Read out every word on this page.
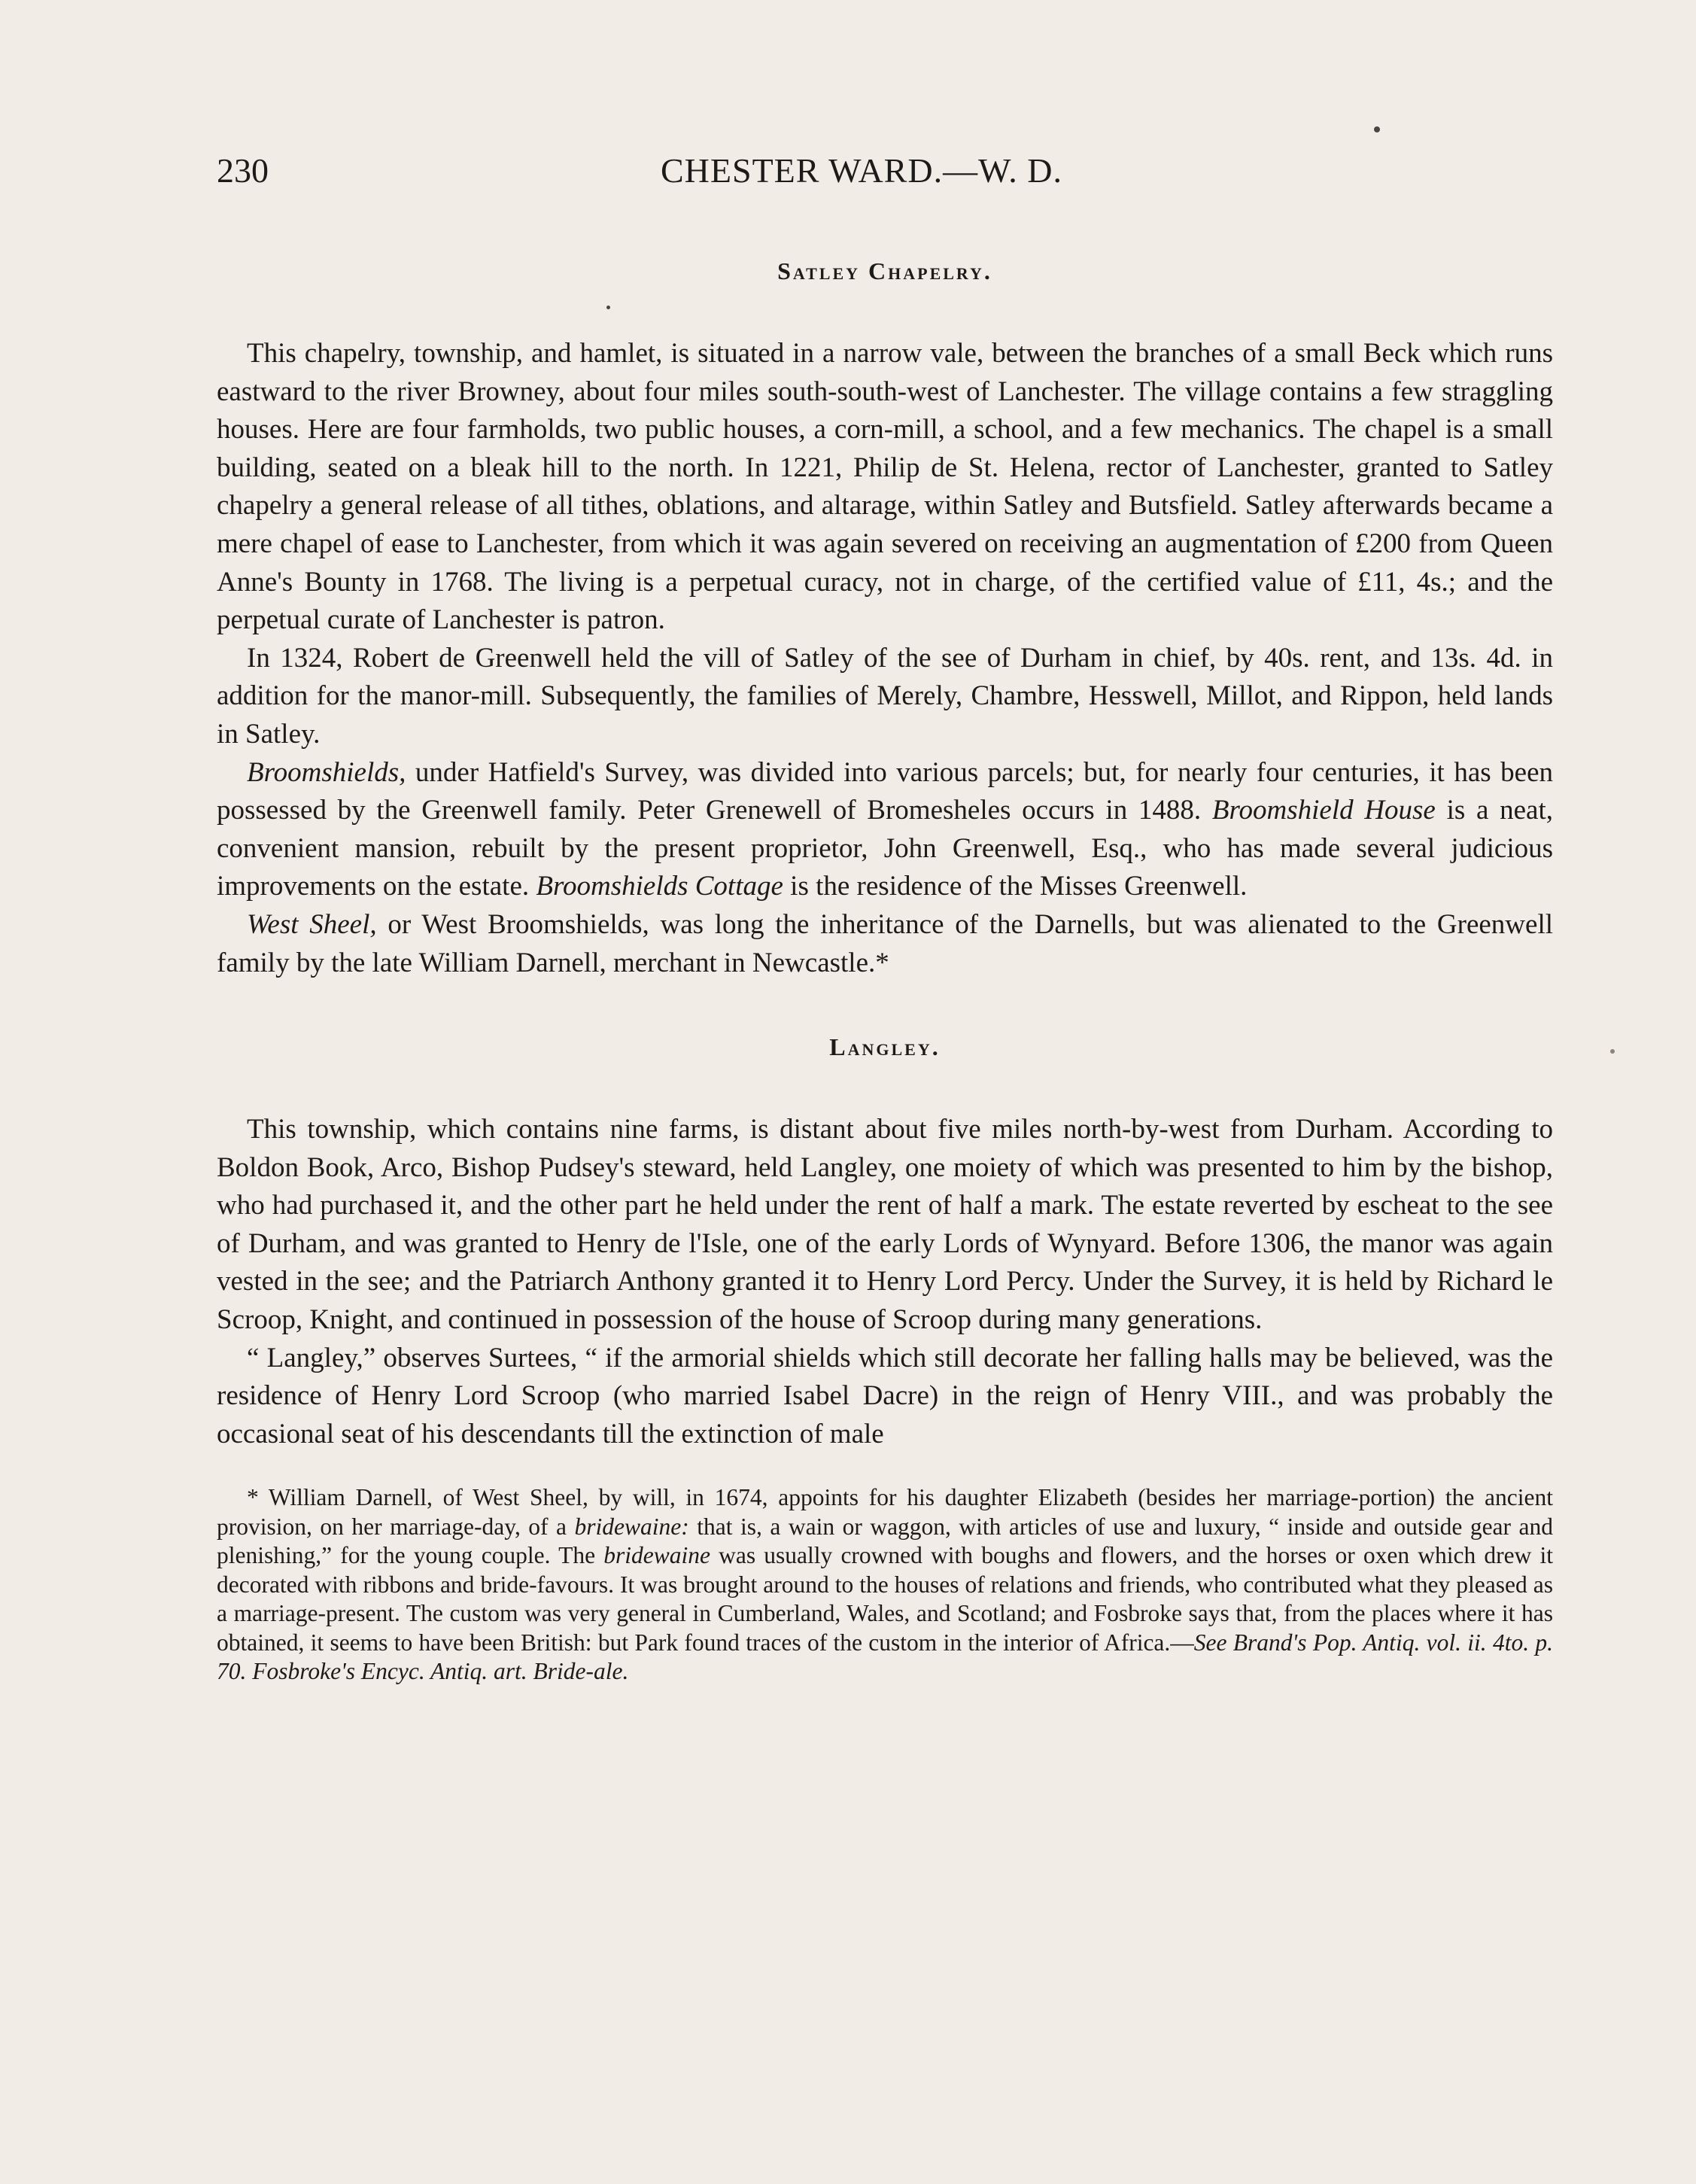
230	CHESTER WARD.—W. D.
Satley Chapelry.

This chapelry, township, and hamlet, is situated in a narrow vale, between the branches of a small Beck which runs eastward to the river Browney, about four miles south-south-west of Lanchester. The village contains a few straggling houses. Here are four farmholds, two public houses, a corn-mill, a school, and a few mechanics. The chapel is a small building, seated on a bleak hill to the north. In 1221, Philip de St. Helena, rector of Lanchester, granted to Satley chapelry a general release of all tithes, oblations, and altarage, within Satley and Butsfield. Satley afterwards became a mere chapel of ease to Lanchester, from which it was again severed on receiving an augmentation of £200 from Queen Anne's Bounty in 1768. The living is a perpetual curacy, not in charge, of the certified value of £11, 4s.; and the perpetual curate of Lanchester is patron.

In 1324, Robert de Greenwell held the vill of Satley of the see of Durham in chief, by 40s. rent, and 13s. 4d. in addition for the manor-mill. Subsequently, the families of Merely, Chambre, Hesswell, Millot, and Rippon, held lands in Satley.

Broomshields, under Hatfield's Survey, was divided into various parcels; but, for nearly four centuries, it has been possessed by the Greenwell family. Peter Grenewell of Bromesheles occurs in 1488. Broomshield House is a neat, convenient mansion, rebuilt by the present proprietor, John Greenwell, Esq., who has made several judicious improvements on the estate. Broomshields Cottage is the residence of the Misses Greenwell.

West Sheel, or West Broomshields, was long the inheritance of the Darnells, but was alienated to the Greenwell family by the late William Darnell, merchant in Newcastle.*

Langley.

This township, which contains nine farms, is distant about five miles north-by-west from Durham. According to Boldon Book, Arco, Bishop Pudsey's steward, held Langley, one moiety of which was presented to him by the bishop, who had purchased it, and the other part he held under the rent of half a mark. The estate reverted by escheat to the see of Durham, and was granted to Henry de l'Isle, one of the early Lords of Wynyard. Before 1306, the manor was again vested in the see; and the Patriarch Anthony granted it to Henry Lord Percy. Under the Survey, it is held by Richard le Scroop, Knight, and continued in possession of the house of Scroop during many generations.

“ Langley,” observes Surtees, “ if the armorial shields which still decorate her falling halls may be believed, was the residence of Henry Lord Scroop (who married Isabel Dacre) in the reign of Henry VIII., and was probably the occasional seat of his descendants till the extinction of male

* William Darnell, of West Sheel, by will, in 1674, appoints for his daughter Elizabeth (besides her marriage-portion) the ancient provision, on her marriage-day, of a bridewaine: that is, a wain or waggon, with articles of use and luxury, “ inside and outside gear and plenishing,” for the young couple. The bridewaine was usually crowned with boughs and flowers, and the horses or oxen which drew it decorated with ribbons and bride-favours. It was brought around to the houses of relations and friends, who contributed what they pleased as a marriage-present. The custom was very general in Cumberland, Wales, and Scotland; and Fosbroke says that, from the places where it has obtained, it seems to have been British: but Park found traces of the custom in the interior of Africa.—See Brand's Pop. Antiq. vol. ii. 4to. p. 70. Fosbroke's Encyc. Antiq. art. Bride-ale.
